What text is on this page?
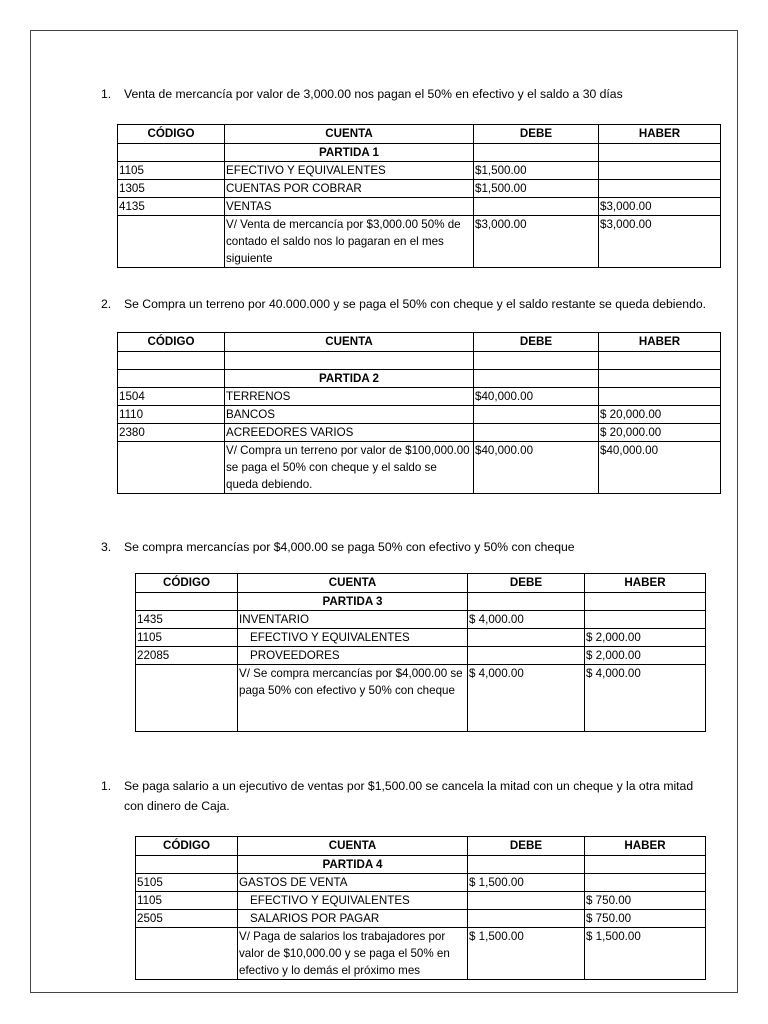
1. Venta de mercancía por valor de 3,000.00 nos pagan el 50% en efectivo y el saldo a 30 días
CÓDIGO	CUENTA	DEBE	HABER
	PARTIDA 1		
1105	EFECTIVO Y EQUIVALENTES	$1,500.00	
1305	CUENTAS POR COBRAR	$1,500.00	
4135	VENTAS		$3,000.00
	V/ Venta de mercancía por $3,000.00 50% de contado el saldo nos lo pagaran en el mes siguiente	$3,000.00	$3,000.00
2. Se Compra un terreno por 40.000.000 y se paga el 50% con cheque y el saldo restante se queda debiendo.
CÓDIGO	CUENTA	DEBE	HABER

	PARTIDA 2		
1504	TERRENOS	$40,000.00	
1110	BANCOS		$ 20,000.00
2380	ACREEDORES VARIOS		$ 20,000.00
	V/ Compra un terreno por valor de $100,000.00 se paga el 50% con cheque y el saldo se queda debiendo.	$40,000.00	$40,000.00
3. Se compra mercancías por $4,000.00 se paga 50% con efectivo y 50% con cheque
CÓDIGO	CUENTA	DEBE	HABER
	PARTIDA 3		
1435	INVENTARIO	$ 4,000.00	
1105	EFECTIVO Y EQUIVALENTES		$ 2,000.00
22085	PROVEEDORES		$ 2,000.00
	V/ Se compra mercancías por $4,000.00 se paga 50% con efectivo y 50% con cheque	$ 4,000.00	$ 4,000.00
1. Se paga salario a un ejecutivo de ventas por $1,500.00 se cancela la mitad con un cheque y la otra mitad con dinero de Caja.
CÓDIGO	CUENTA	DEBE	HABER
	PARTIDA 4		
5105	GASTOS DE VENTA	$ 1,500.00	
1105	EFECTIVO Y EQUIVALENTES		$ 750.00
2505	SALARIOS POR PAGAR		$ 750.00
	V/ Paga de salarios los trabajadores por valor de $10,000.00 y se paga el 50% en efectivo y lo demás el próximo mes	$ 1,500.00	$ 1,500.00
